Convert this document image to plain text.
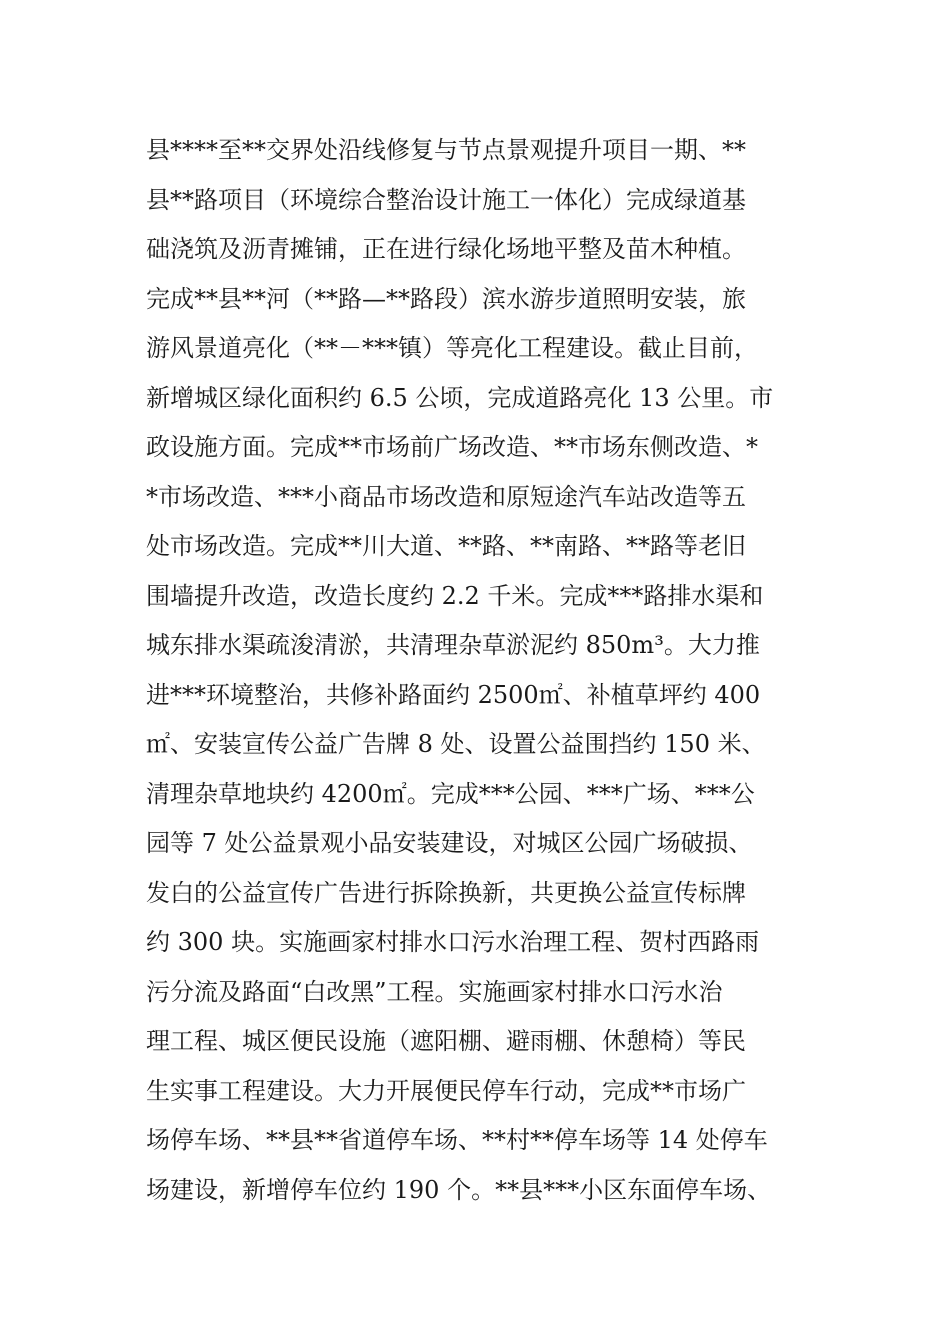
县****至**交界处沿线修复与节点景观提升项目一期、**
县**路项目（环境综合整治设计施工一体化）完成绿道基
础浇筑及沥青摊铺，正在进行绿化场地平整及苗木种植。
完成**县**河（**路—**路段）滨水游步道照明安装，旅
游风景道亮化（**－***镇）等亮化工程建设。截止目前，
新增城区绿化面积约 6.5 公顷，完成道路亮化 13 公里。市
政设施方面。完成**市场前广场改造、**市场东侧改造、*
*市场改造、***小商品市场改造和原短途汽车站改造等五
处市场改造。完成**川大道、**路、**南路、**路等老旧
围墙提升改造，改造长度约 2.2 千米。完成***路排水渠和
城东排水渠疏浚清淤，共清理杂草淤泥约 850m³。大力推
进***环境整治，共修补路面约 2500㎡、补植草坪约 400
㎡、安装宣传公益广告牌 8 处、设置公益围挡约 150 米、
清理杂草地块约 4200㎡。完成***公园、***广场、***公
园等 7 处公益景观小品安装建设，对城区公园广场破损、
发白的公益宣传广告进行拆除换新，共更换公益宣传标牌
约 300 块。实施画家村排水口污水治理工程、贺村西路雨
污分流及路面“白改黑”工程。实施画家村排水口污水治
理工程、城区便民设施（遮阳棚、避雨棚、休憩椅）等民
生实事工程建设。大力开展便民停车行动，完成**市场广
场停车场、**县**省道停车场、**村**停车场等 14 处停车
场建设，新增停车位约 190 个。**县***小区东面停车场、
